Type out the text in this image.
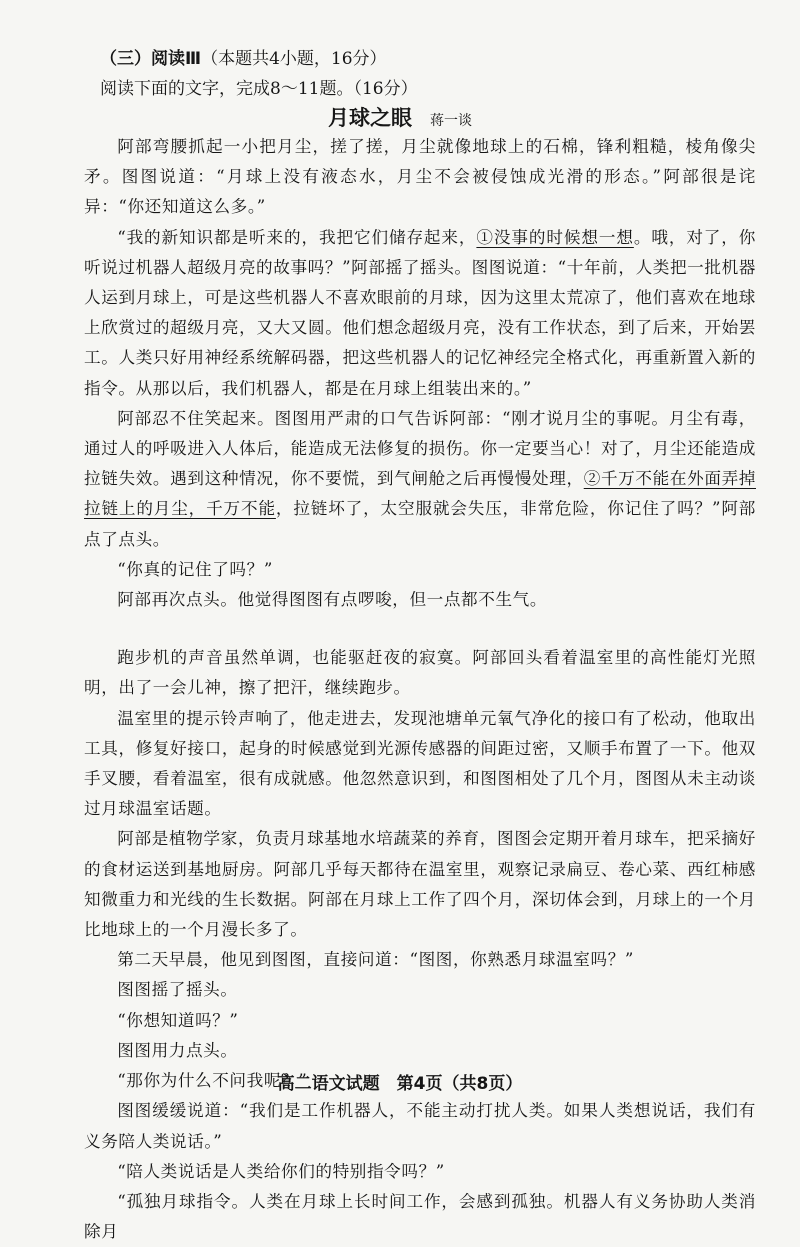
（三）阅读Ⅲ（本题共4小题，16分）
阅读下面的文字，完成8～11题。（16分）
月球之眼 蒋一谈

阿部弯腰抓起一小把月尘，搓了搓，月尘就像地球上的石棉，锋利粗糙，棱角像尖矛。图图说道：“月球上没有液态水，月尘不会被侵蚀成光滑的形态。”阿部很是诧异：“你还知道这么多。”

“我的新知识都是听来的，我把它们储存起来，①没事的时候想一想。哦，对了，你听说过机器人超级月亮的故事吗？”阿部摇了摇头。图图说道：“十年前，人类把一批机器人运到月球上，可是这些机器人不喜欢眼前的月球，因为这里太荒凉了，他们喜欢在地球上欣赏过的超级月亮，又大又圆。他们想念超级月亮，没有工作状态，到了后来，开始罢工。人类只好用神经系统解码器，把这些机器人的记忆神经完全格式化，再重新置入新的指令。从那以后，我们机器人，都是在月球上组装出来的。”

阿部忍不住笑起来。图图用严肃的口气告诉阿部：“刚才说月尘的事呢。月尘有毒，通过人的呼吸进入人体后，能造成无法修复的损伤。你一定要当心！对了，月尘还能造成拉链失效。遇到这种情况，你不要慌，到气闸舱之后再慢慢处理，②千万不能在外面弄掉拉链上的月尘，千万不能，拉链坏了，太空服就会失压，非常危险，你记住了吗？”阿部点了点头。

“你真的记住了吗？”

阿部再次点头。他觉得图图有点啰唆，但一点都不生气。

跑步机的声音虽然单调，也能驱赶夜的寂寞。阿部回头看着温室里的高性能灯光照明，出了一会儿神，擦了把汗，继续跑步。

温室里的提示铃声响了，他走进去，发现池塘单元氧气净化的接口有了松动，他取出工具，修复好接口，起身的时候感觉到光源传感器的间距过密，又顺手布置了一下。他双手叉腰，看着温室，很有成就感。他忽然意识到，和图图相处了几个月，图图从未主动谈过月球温室话题。

阿部是植物学家，负责月球基地水培蔬菜的养育，图图会定期开着月球车，把采摘好的食材运送到基地厨房。阿部几乎每天都待在温室里，观察记录扁豆、卷心菜、西红柿感知微重力和光线的生长数据。阿部在月球上工作了四个月，深切体会到，月球上的一个月比地球上的一个月漫长多了。

第二天早晨，他见到图图，直接问道：“图图，你熟悉月球温室吗？”

图图摇了摇头。

“你想知道吗？”

图图用力点头。

“那你为什么不问我呢？”

图图缓缓说道：“我们是工作机器人，不能主动打扰人类。如果人类想说话，我们有义务陪人类说话。”

“陪人类说话是人类给你们的特别指令吗？”

“孤独月球指令。人类在月球上长时间工作，会感到孤独。机器人有义务协助人类消除月

高二语文试题　第4页（共8页）
